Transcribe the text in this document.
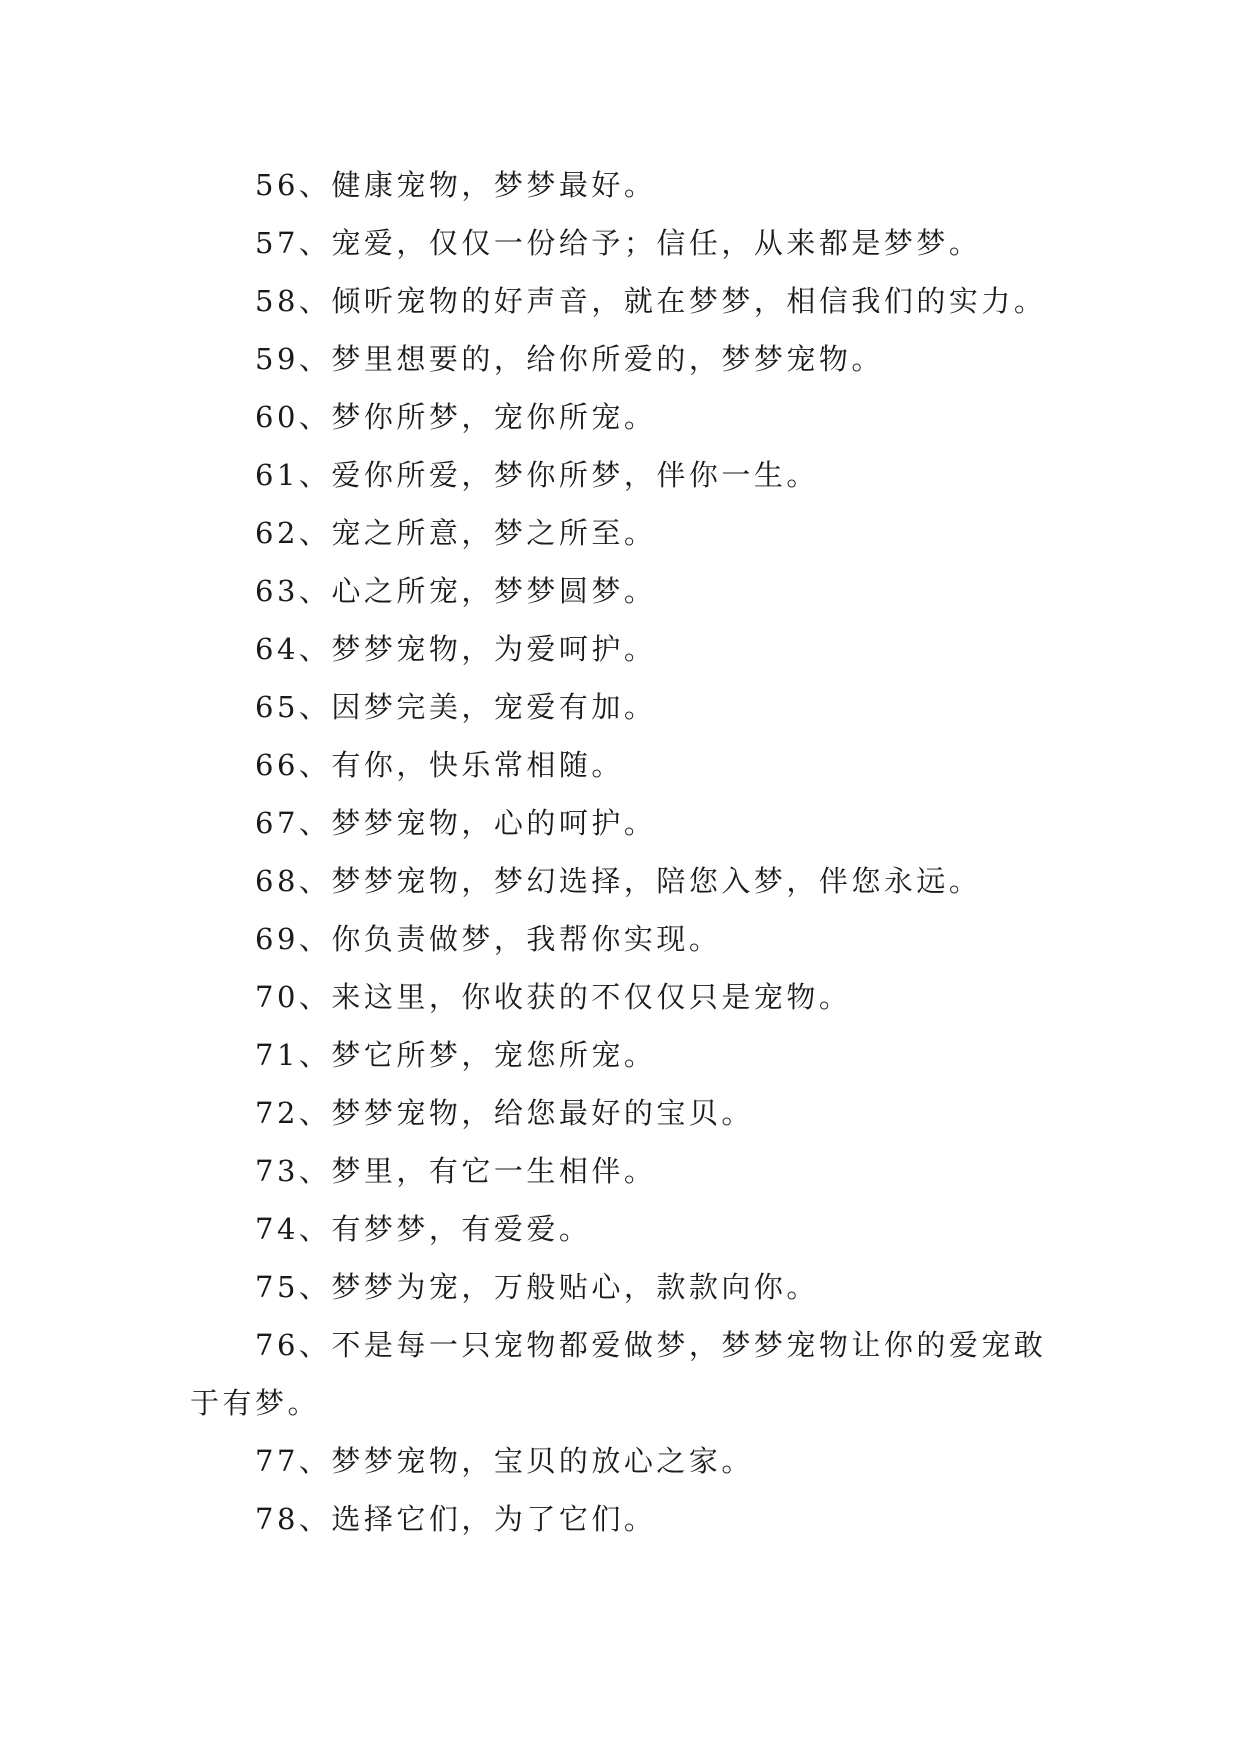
56、健康宠物，梦梦最好。
57、宠爱，仅仅一份给予；信任，从来都是梦梦。
58、倾听宠物的好声音，就在梦梦，相信我们的实力。
59、梦里想要的，给你所爱的，梦梦宠物。
60、梦你所梦，宠你所宠。
61、爱你所爱，梦你所梦，伴你一生。
62、宠之所意，梦之所至。
63、心之所宠，梦梦圆梦。
64、梦梦宠物，为爱呵护。
65、因梦完美，宠爱有加。
66、有你，快乐常相随。
67、梦梦宠物，心的呵护。
68、梦梦宠物，梦幻选择，陪您入梦，伴您永远。
69、你负责做梦，我帮你实现。
70、来这里，你收获的不仅仅只是宠物。
71、梦它所梦，宠您所宠。
72、梦梦宠物，给您最好的宝贝。
73、梦里，有它一生相伴。
74、有梦梦，有爱爱。
75、梦梦为宠，万般贴心，款款向你。
76、不是每一只宠物都爱做梦，梦梦宠物让你的爱宠敢
于有梦。
77、梦梦宠物，宝贝的放心之家。
78、选择它们，为了它们。
